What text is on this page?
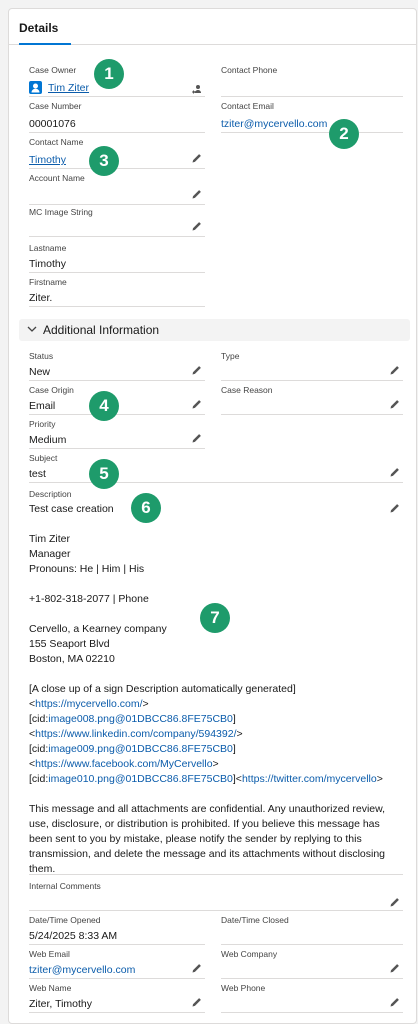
Details
Case Owner
Tim Ziter
Contact Phone
Case Number
00001076
Contact Email
tziter@mycervello.com
Contact Name
Timothy
Account Name
MC Image String
Lastname
Timothy
Firstname
Ziter.
Additional Information
Status
New
Type
Case Origin
Email
Case Reason
Priority
Medium
Subject
test
Description
Test case creation
Tim Ziter
Manager
Pronouns: He | Him | His
+1-802-318-2077 | Phone
Cervello, a Kearney company
155 Seaport Blvd
Boston, MA 02210
[A close up of a sign Description automatically generated]
<https://mycervello.com/>
[cid:image008.png@01DBCC86.8FE75CB0]
<https://www.linkedin.com/company/594392/>
[cid:image009.png@01DBCC86.8FE75CB0]
<https://www.facebook.com/MyCervello>
[cid:image010.png@01DBCC86.8FE75CB0]<https://twitter.com/mycervello>
This message and all attachments are confidential. Any unauthorized review,
use, disclosure, or distribution is prohibited. If you believe this message has
been sent to you by mistake, please notify the sender by replying to this
transmission, and delete the message and its attachments without disclosing
them.
Internal Comments
Date/Time Opened
5/24/2025 8:33 AM
Date/Time Closed
Web Email
tziter@mycervello.com
Web Company
Web Name
Ziter, Timothy
Web Phone
1
2
3
4
5
6
7
